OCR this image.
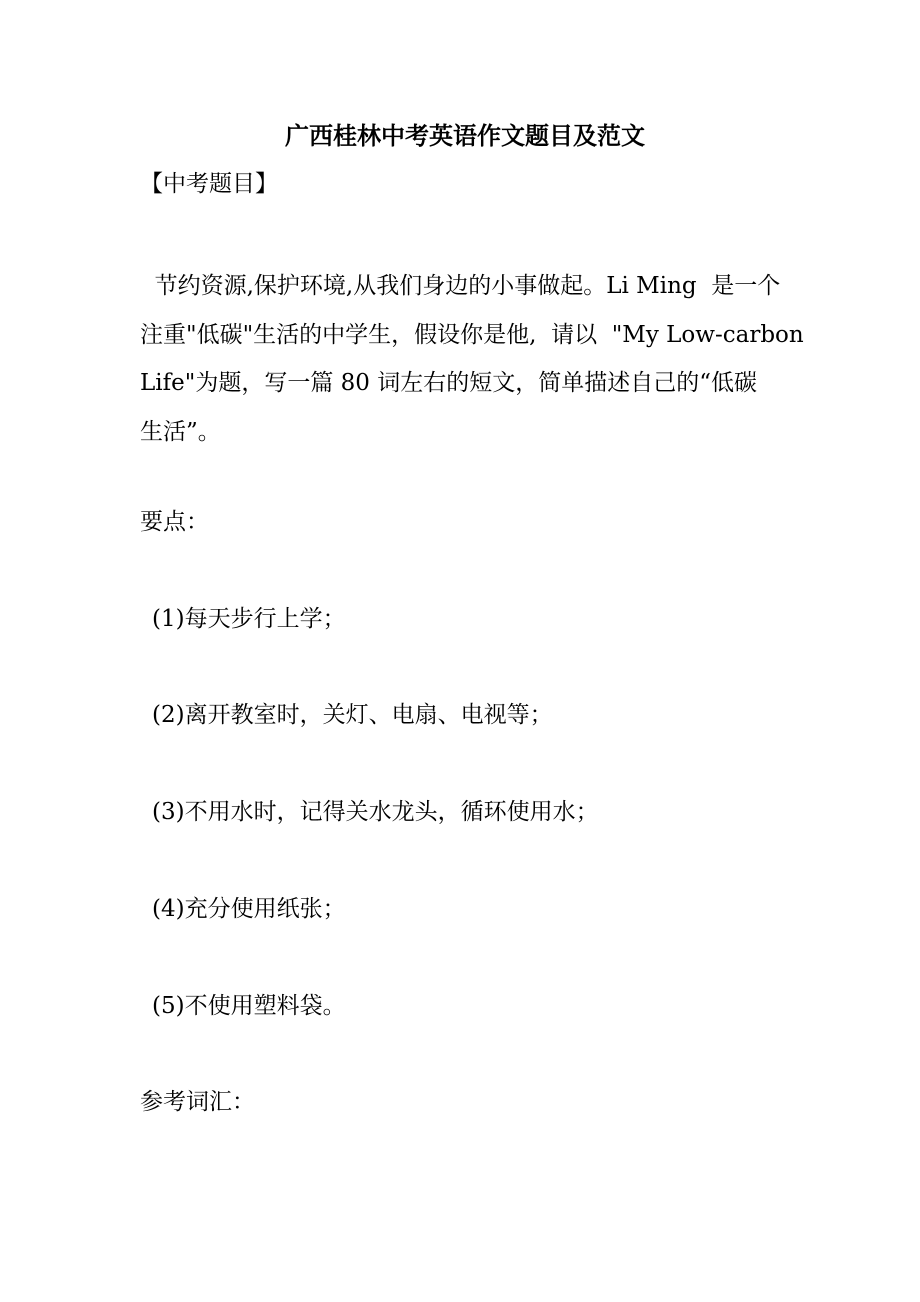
广西桂林中考英语作文题目及范文
【中考题目】
节约资源,保护环境,从我们身边的小事做起。Li Ming  是一个
注重"低碳"生活的中学生，假设你是他,  请以  "My Low-carbon
Life"为题，写一篇 80 词左右的短文，简单描述自己的“低碳
生活”。
要点：
(1)每天步行上学；
(2)离开教室时，关灯、电扇、电视等；
(3)不用水时，记得关水龙头，循环使用水；
(4)充分使用纸张；
(5)不使用塑料袋。
参考词汇：
